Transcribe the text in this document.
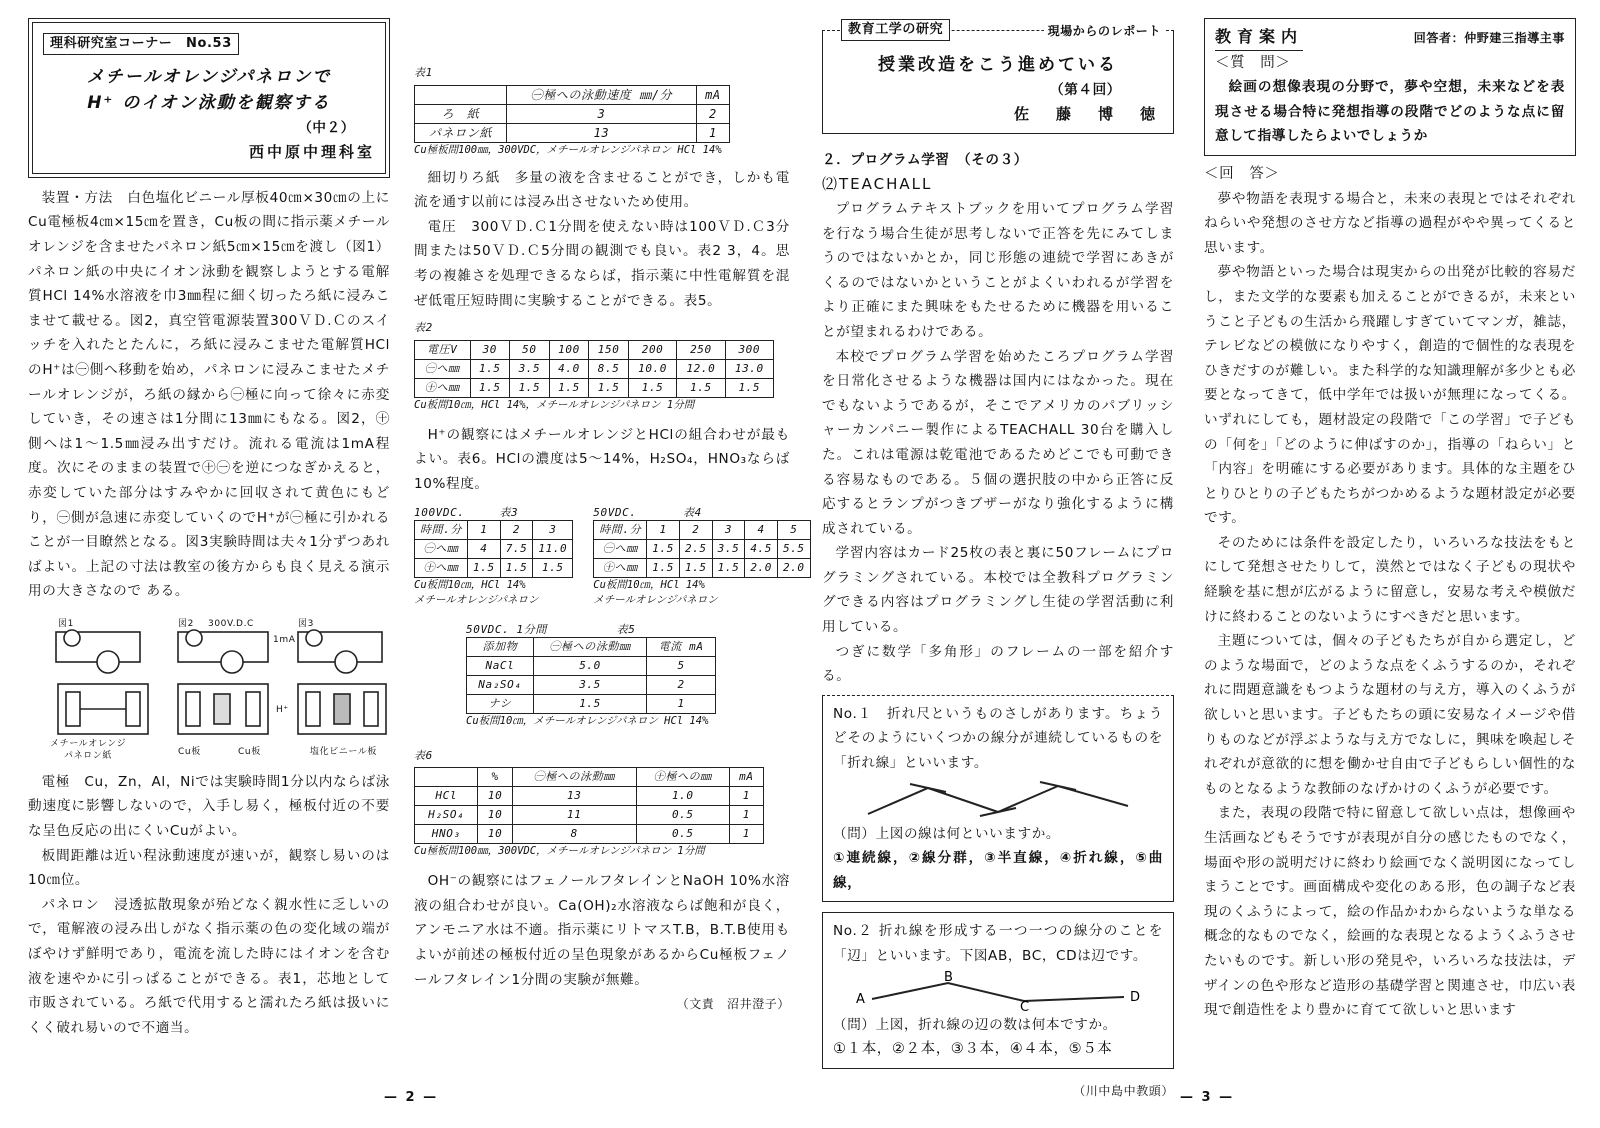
理科研究室コーナー　No.53
メチールオレンジパネロンで
H⁺ のイオン泳動を観察する
（中２）
西中原中理科室

装置・方法　白色塩化ビニール厚板40㎝×30㎝の上にCu電極板4㎝×15㎝を置き，Cu板の間に指示薬メチールオレンジを含ませたパネロン紙5㎝×15㎝を渡し（図1）パネロン紙の中央にイオン泳動を観察しようとする電解質HCl 14%水溶液を巾3㎜程に細く切ったろ紙に浸みこませて載せる。図2，真空管電源装置300ＶＤ.Ｃのスイッチを入れたとたんに，ろ紙に浸みこませた電解質HClのH⁺は㊀側へ移動を始め，パネロンに浸みこませたメチールオレンジが，ろ紙の縁から㊀極に向って徐々に赤変していき，その速さは1分間に13㎜にもなる。図2，㊉側へは1〜1.5㎜浸み出すだけ。流れる電流は1mA程度。次にそのままの装置で㊉㊀を逆につなぎかえると，赤変していた部分はすみやかに回収されて黄色にもどり，㊀側が急速に赤変していくのでH⁺が㊀極に引かれることが一目瞭然となる。図3実験時間は夫々1分ずつあればよい。上記の寸法は教室の後方からも良く見える演示用の大きさなので ある。

図1	図2 300V.D.C	図3
1mA
メチールオレンジ
パネロン紙	Cu板	Cu板
H⁺
塩化ビニール板

電極　Cu，Zn，Al，Niでは実験時間1分以内ならば泳動速度に影響しないので，入手し易く，極板付近の不要な呈色反応の出にくいCuがよい。

板間距離は近い程泳動速度が速いが，観察し易いのは10㎝位。

パネロン　浸透拡散現象が殆どなく親水性に乏しいので，電解液の浸み出しがなく指示薬の色の変化域の端がぼやけず鮮明であり，電流を流した時にはイオンを含む液を速やかに引っぱることができる。表1，芯地として市販されている。ろ紙で代用すると濡れたろ紙は扱いにくく破れ易いので不適当。

表1
	㊀極への泳動速度 ㎜/分	mA
ろ　紙	3	2
パネロン紙	13	1
Cu極板間100㎜，300VDC，メチールオレンジパネロン HCl 14%

細切りろ紙　多量の液を含ませることができ，しかも電流を通す以前には浸み出させないため使用。

電圧　300ＶＤ.Ｃ1分間を使えない時は100ＶＤ.Ｃ3分間または50ＶＤ.Ｃ5分間の観測でも良い。表2 3，4。思考の複雑さを処理できるならば，指示薬に中性電解質を混ぜ低電圧短時間に実験することができる。表5。

表2
電圧V	30	50	100	150	200	250	300
㊀へ㎜	1.5	3.5	4.0	8.5	10.0	12.0	13.0
㊉へ㎜	1.5	1.5	1.5	1.5	1.5	1.5	1.5
Cu板間10㎝，HCl 14%，メチールオレンジパネロン 1分間

H⁺の観察にはメチールオレンジとHClの組合わせが最もよい。表6。HClの濃度は5〜14%，H₂SO₄，HNO₃ならば10%程度。

100VDC.　　　	表3
時間.分	1	2	3
㊀へ㎜	4	7.5	11.0
㊉へ㎜	1.5	1.5	1.5
Cu板間10㎝，HCl 14%
メチールオレンジパネロン
50VDC.　　　　	表4
時間.分	1	2	3	4	5
㊀へ㎜	1.5	2.5	3.5	4.5	5.5
㊉へ㎜	1.5	1.5	1.5	2.0	2.0
Cu板間10㎝，HCl 14%
メチールオレンジパネロン
50VDC. 1分間　　　　　　	表5
添加物	㊀極への泳動㎜	電流 mA
NaCl	5.0	5
Na₂SO₄	3.5	2
ナシ	1.5	1
Cu板間10㎝，メチールオレンジパネロン HCl 14%
表6
	%	㊀極への泳動㎜	㊉極への㎜	mA
HCl	10	13	1.0	1
H₂SO₄	10	11	0.5	1
HNO₃	10	8	0.5	1
Cu極板間100㎜，300VDC，メチールオレンジパネロン 1分間

OH⁻の観察にはフェノールフタレインとNaOH 10%水溶液の組合わせが良い。Ca(OH)₂水溶液ならば飽和が良く，アンモニア水は不適。指示薬にリトマスT.B，B.T.B使用もよいが前述の極板付近の呈色現象があるからCu極板フェノールフタレイン1分間の実験が無難。

（文責　沼井澄子）
— 2 —
教育工学の研究	現場からのレポート
授業改造をこう進めている
（第４回）
佐　藤　博　徳
２．プログラム学習　（その３）
⑵TEACHALL

プログラムテキストブックを用いてプログラム学習を行なう場合生徒が思考しないで正答を先にみてしまうのではないかとか，同じ形態の連続で学習にあきがくるのではないかということがよくいわれるが学習をより正確にまた興味をもたせるために機器を用いることが望まれるわけである。

本校でプログラム学習を始めたころプログラム学習を日常化させるような機器は国内にはなかった。現在でもないようであるが，そこでアメリカのパブリッシャーカンパニー製作によるTEACHALL 30台を購入した。これは電源は乾電池であるためどこでも可動できる容易なものである。５個の選択肢の中から正答に反応するとランプがつきブザーがなり強化するように構成されている。

学習内容はカード25枚の表と裏に50フレームにプログラミングされている。本校では全教科プログラミングできる内容はプログラミングし生徒の学習活動に利用している。

つぎに数学「多角形」のフレームの一部を紹介する。

No.１　折れ尺というものさしがあります。ちょうどそのようにいくつかの線分が連続しているものを「折れ線」といいます。
（問）上図の線は何といいますか。
①連続線，②線分群，③半直線，④折れ線，⑤曲線，
No.２ 折れ線を形成する一つ一つの線分のことを「辺」といいます。下図AB，BC，CDは辺です。
A
B
C
D
（問）上図，折れ線の辺の数は何本ですか。
①１本，②２本，③３本，④４本，⑤５本
（川中島中教頭）
教育案内	回答者：仲野建三指導主事
＜質　問＞

絵画の想像表現の分野で，夢や空想，未来などを表現させる場合特に発想指導の段階でどのような点に留意して指導したらよいでしょうか

＜回　答＞

夢や物語を表現する場合と，未来の表現とではそれぞれねらいや発想のさせ方など指導の過程がやや異ってくると思います。

夢や物語といった場合は現実からの出発が比較的容易だし，また文学的な要素も加えることができるが，未来ということ子どもの生活から飛躍しすぎていてマンガ，雑誌，テレビなどの模倣になりやすく，創造的で個性的な表現をひきだすのが難しい。また科学的な知識理解が多少とも必要となってきて，低中学年では扱いが無理になってくる。いずれにしても，題材設定の段階で「この学習」で子どもの「何を」「どのように伸ばすのか」，指導の「ねらい」と「内容」を明確にする必要があります。具体的な主題をひとりひとりの子どもたちがつかめるような題材設定が必要です。

そのためには条件を設定したり，いろいろな技法をもとにして発想させたりして，漠然とではなく子どもの現状や経験を基に想が広がるように留意し，安易な考えや模倣だけに終わることのないようにすべきだと思います。

主題については，個々の子どもたちが自から選定し，どのような場面で，どのような点をくふうするのか，それぞれに問題意識をもつような題材の与え方，導入のくふうが欲しいと思います。子どもたちの頭に安易なイメージや借りものなどが浮ぶような与え方でなしに，興味を喚起しそれぞれが意欲的に想を働かせ自由で子どもらしい個性的なものとなるような教師のなげかけのくふうが必要です。

また，表現の段階で特に留意して欲しい点は，想像画や生活画などもそうですが表現が自分の感じたものでなく，場面や形の説明だけに終わり絵画でなく説明図になってしまうことです。画面構成や変化のある形，色の調子など表現のくふうによって，絵の作品かわからないような単なる概念的なものでなく，絵画的な表現となるようくふうさせたいものです。新しい形の発見や，いろいろな技法は，デザインの色や形など造形の基礎学習と関連させ，巾広い表現で創造性をより豊かに育てて欲しいと思います

— 3 —
